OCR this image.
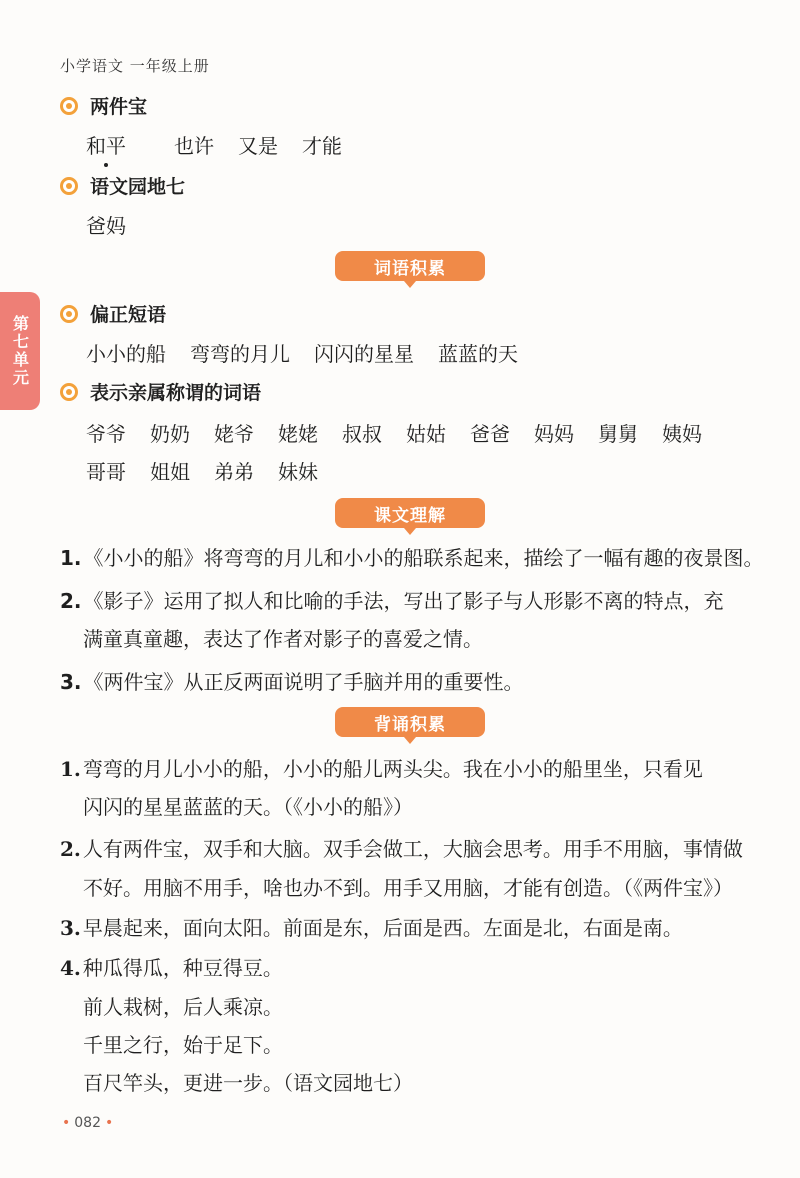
小学语文 一年级上册
第七单元
两件宝
和平	也许 又是 才能
语文园地七
爸妈
词语积累
偏正短语
小小的船 弯弯的月儿 闪闪的星星 蓝蓝的天
表示亲属称谓的词语
爷爷 奶奶 姥爷 姥姥 叔叔 姑姑 爸爸 妈妈 舅舅 姨妈
哥哥 姐姐 弟弟 妹妹
课文理解
1. 《小小的船》将弯弯的月儿和小小的船联系起来，描绘了一幅有趣的夜景图。
2. 《影子》运用了拟人和比喻的手法，写出了影子与人形影不离的特点，充
满童真童趣，表达了作者对影子的喜爱之情。
3. 《两件宝》从正反两面说明了手脑并用的重要性。
背诵积累
1. 弯弯的月儿小小的船，小小的船儿两头尖。我在小小的船里坐，只看见
闪闪的星星蓝蓝的天。（《小小的船》）
2. 人有两件宝，双手和大脑。双手会做工，大脑会思考。用手不用脑，事情做
不好。用脑不用手，啥也办不到。用手又用脑，才能有创造。（《两件宝》）
3. 早晨起来，面向太阳。前面是东，后面是西。左面是北，右面是南。
4. 种瓜得瓜，种豆得豆。
前人栽树，后人乘凉。
千里之行，始于足下。
百尺竿头，更进一步。（语文园地七）
• 082 •
